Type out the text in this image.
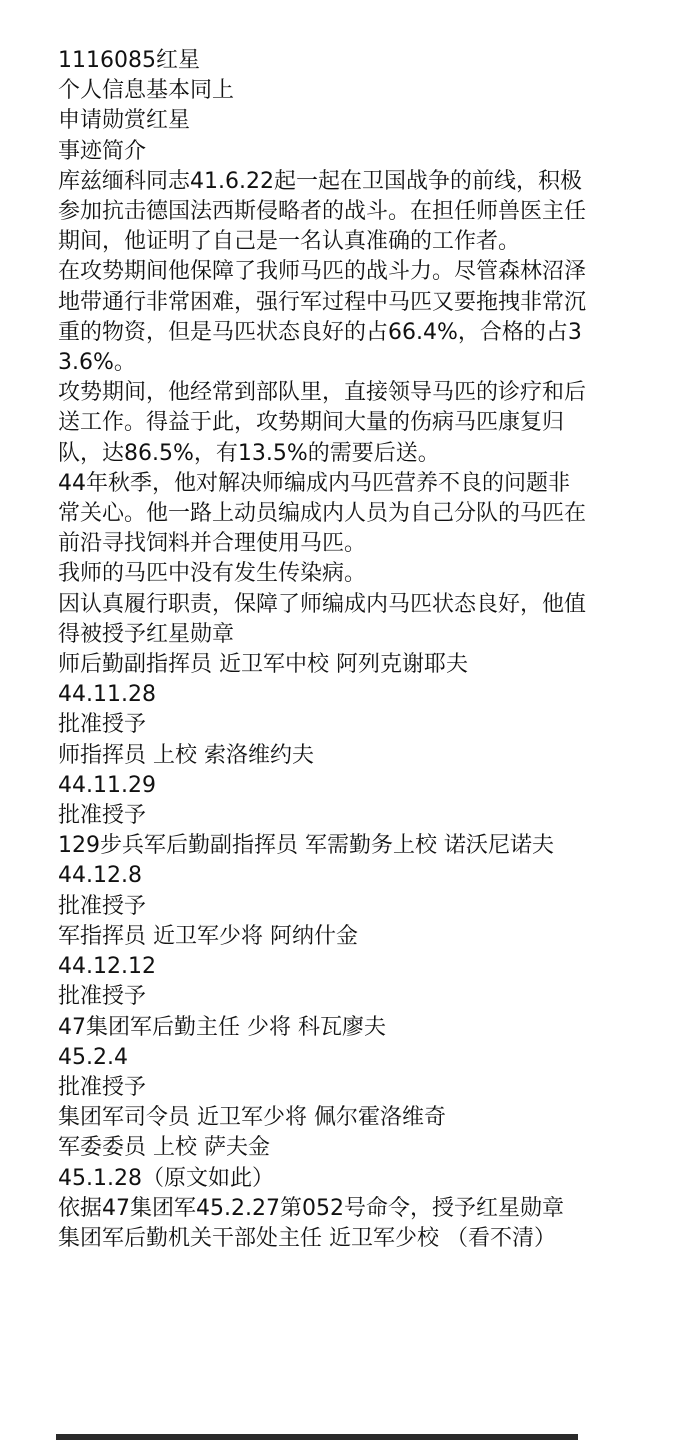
1116085红星

个人信息基本同上

申请勋赏红星

事迹简介

库兹缅科同志41.6.22起一起在卫国战争的前线，积极参加抗击德国法西斯侵略者的战斗。在担任师兽医主任期间，他证明了自己是一名认真准确的工作者。

在攻势期间他保障了我师马匹的战斗力。尽管森林沼泽地带通行非常困难，强行军过程中马匹又要拖拽非常沉重的物资，但是马匹状态良好的占66.4%，合格的占33.6%。

攻势期间，他经常到部队里，直接领导马匹的诊疗和后送工作。得益于此，攻势期间大量的伤病马匹康复归队，达86.5%，有13.5%的需要后送。

44年秋季，他对解决师编成内马匹营养不良的问题非常关心。他一路上动员编成内人员为自己分队的马匹在前沿寻找饲料并合理使用马匹。

我师的马匹中没有发生传染病。

因认真履行职责，保障了师编成内马匹状态良好，他值得被授予红星勋章

师后勤副指挥员 近卫军中校 阿列克谢耶夫

44.11.28

批准授予

师指挥员 上校 索洛维约夫

44.11.29

批准授予

129步兵军后勤副指挥员 军需勤务上校 诺沃尼诺夫

44.12.8

批准授予

军指挥员 近卫军少将 阿纳什金

44.12.12

批准授予

47集团军后勤主任 少将 科瓦廖夫

45.2.4

批准授予

集团军司令员 近卫军少将 佩尔霍洛维奇

军委委员 上校 萨夫金

45.1.28（原文如此）

依据47集团军45.2.27第052号命令，授予红星勋章

集团军后勤机关干部处主任 近卫军少校 （看不清）
